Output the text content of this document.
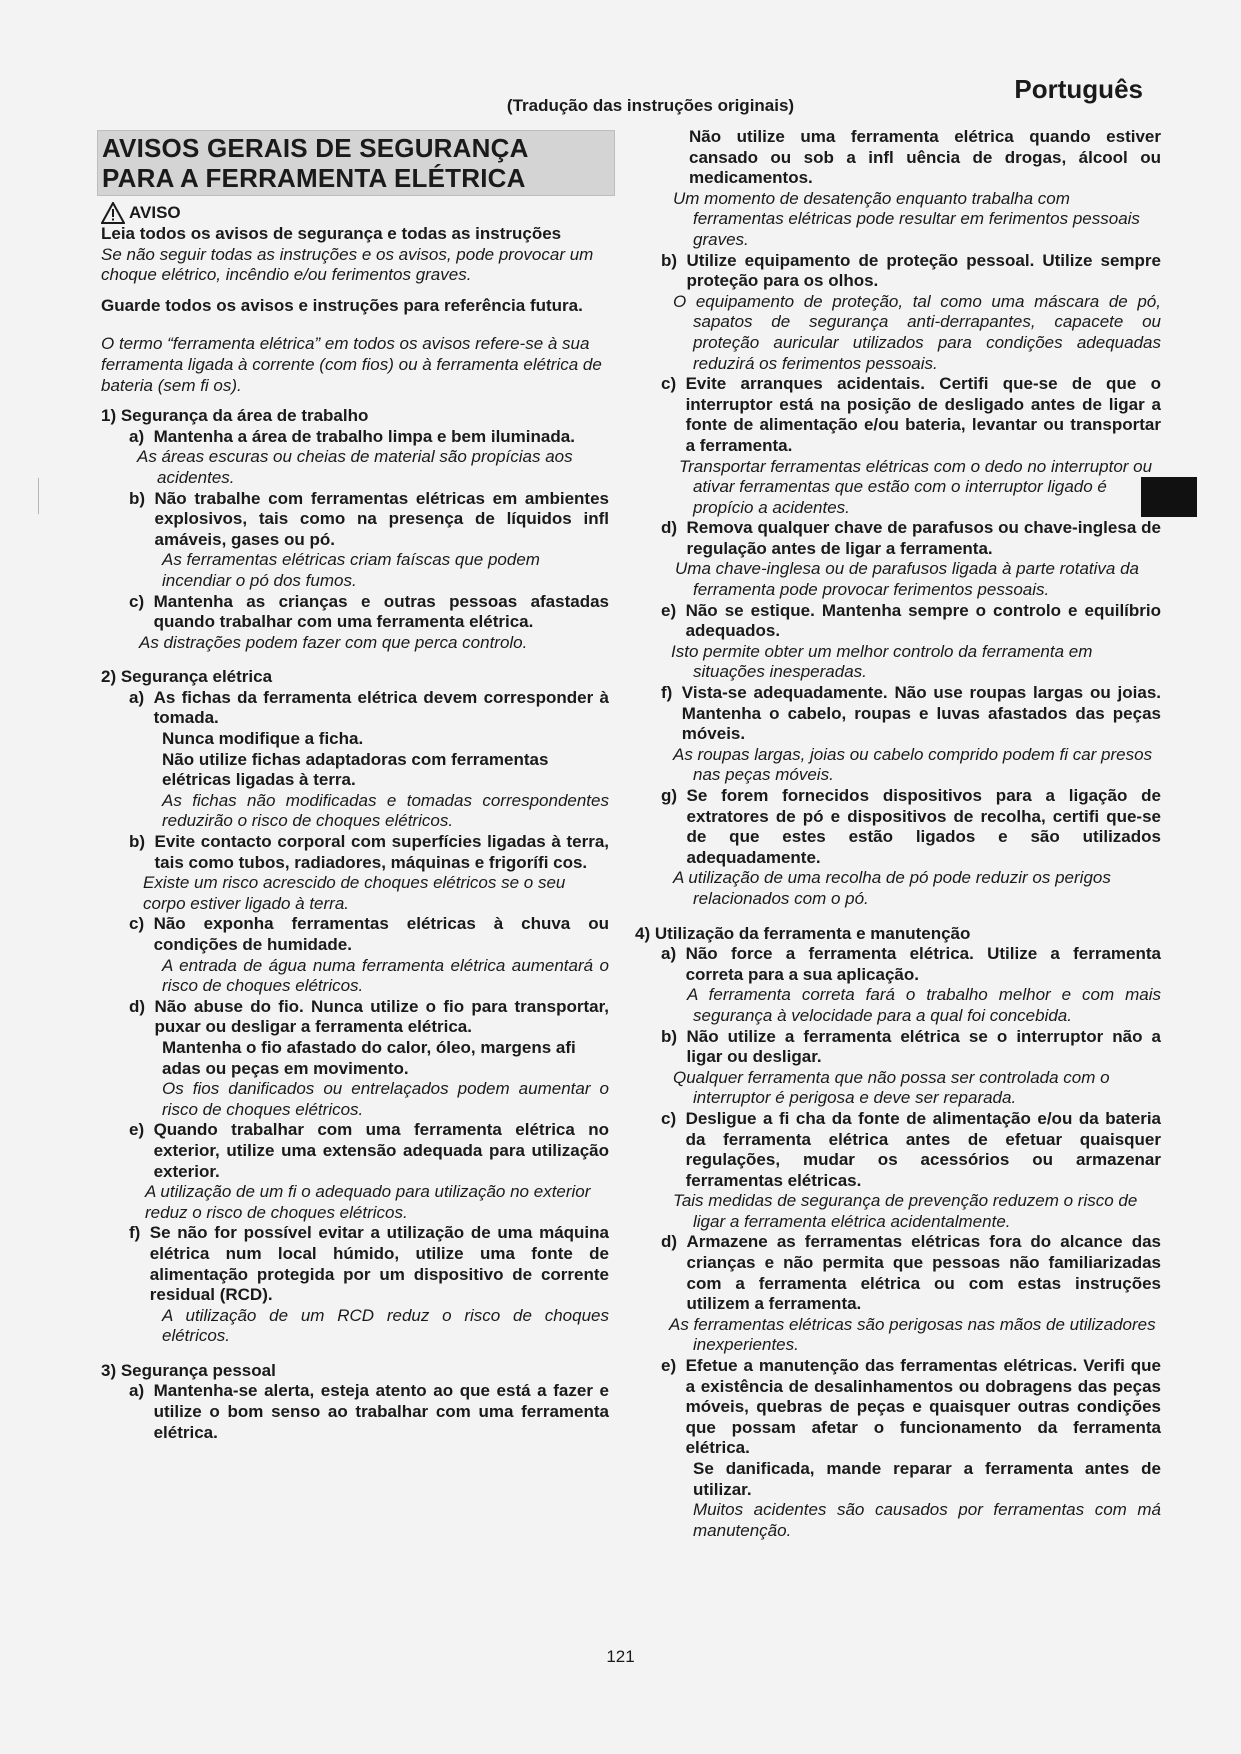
Português
(Tradução das instruções originais)
AVISOS GERAIS DE SEGURANÇA
PARA A FERRAMENTA ELÉTRICA
AVISO
Leia todos os avisos de segurança e todas as instruções
Se não seguir todas as instruções e os avisos, pode provocar um choque elétrico, incêndio e/ou ferimentos graves.
Guarde todos os avisos e instruções para referência futura.
O termo “ferramenta elétrica” em todos os avisos refere-se à sua ferramenta ligada à corrente (com fios) ou à ferramenta elétrica de bateria (sem fi os).
1) Segurança da área de trabalho
a)
Mantenha a área de trabalho limpa e bem iluminada.
As áreas escuras ou cheias de material são propícias aos acidentes.
b)
Não trabalhe com ferramentas elétricas em ambientes explosivos, tais como na presença de líquidos infl amáveis, gases ou pó.
As ferramentas elétricas criam faíscas que podem incendiar o pó dos fumos.
c)
Mantenha as crianças e outras pessoas afastadas quando trabalhar com uma ferramenta elétrica.
As distrações podem fazer com que perca controlo.
2) Segurança elétrica
a)
As fichas da ferramenta elétrica devem corresponder à tomada.
Nunca modifique a ficha.
Não utilize fichas adaptadoras com ferramentas elétricas ligadas à terra.
As fichas não modificadas e tomadas correspondentes reduzirão o risco de choques elétricos.
b)
Evite contacto corporal com superfícies ligadas à terra, tais como tubos, radiadores, máquinas e frigorífi cos.
Existe um risco acrescido de choques elétricos se o seu corpo estiver ligado à terra.
c)
Não exponha ferramentas elétricas à chuva ou condições de humidade.
A entrada de água numa ferramenta elétrica aumentará o risco de choques elétricos.
d)
Não abuse do fio. Nunca utilize o fio para transportar, puxar ou desligar a ferramenta elétrica.
Mantenha o fio afastado do calor, óleo, margens afi adas ou peças em movimento.
Os fios danificados ou entrelaçados podem aumentar o risco de choques elétricos.
e)
Quando trabalhar com uma ferramenta elétrica no exterior, utilize uma extensão adequada para utilização exterior.
A utilização de um fi o adequado para utilização no exterior reduz o risco de choques elétricos.
f)
Se não for possível evitar a utilização de uma máquina elétrica num local húmido, utilize uma fonte de alimentação protegida por um dispositivo de corrente residual (RCD).
A utilização de um RCD reduz o risco de choques elétricos.
3) Segurança pessoal
a)
Mantenha-se alerta, esteja atento ao que está a fazer e utilize o bom senso ao trabalhar com uma ferramenta elétrica.
Não utilize uma ferramenta elétrica quando estiver cansado ou sob a infl uência de drogas, álcool ou medicamentos.
Um momento de desatenção enquanto trabalha com ferramentas elétricas pode resultar em ferimentos pessoais graves.
b)
Utilize equipamento de proteção pessoal. Utilize sempre proteção para os olhos.
O equipamento de proteção, tal como uma máscara de pó, sapatos de segurança anti-derrapantes, capacete ou proteção auricular utilizados para condições adequadas reduzirá os ferimentos pessoais.
c)
Evite arranques acidentais. Certifi que-se de que o interruptor está na posição de desligado antes de ligar a fonte de alimentação e/ou bateria, levantar ou transportar a ferramenta.
Transportar ferramentas elétricas com o dedo no interruptor ou ativar ferramentas que estão com o interruptor ligado é propício a acidentes.
d)
Remova qualquer chave de parafusos ou chave-inglesa de regulação antes de ligar a ferramenta.
Uma chave-inglesa ou de parafusos ligada à parte rotativa da ferramenta pode provocar ferimentos pessoais.
e)
Não se estique. Mantenha sempre o controlo e equilíbrio adequados.
Isto permite obter um melhor controlo da ferramenta em situações inesperadas.
f)
Vista-se adequadamente. Não use roupas largas ou joias. Mantenha o cabelo, roupas e luvas afastados das peças móveis.
As roupas largas, joias ou cabelo comprido podem fi car presos nas peças móveis.
g)
Se forem fornecidos dispositivos para a ligação de extratores de pó e dispositivos de recolha, certifi que-se de que estes estão ligados e são utilizados adequadamente.
A utilização de uma recolha de pó pode reduzir os perigos relacionados com o pó.
4) Utilização da ferramenta e manutenção
a)
Não force a ferramenta elétrica. Utilize a ferramenta correta para a sua aplicação.
A ferramenta correta fará o trabalho melhor e com mais segurança à velocidade para a qual foi concebida.
b)
Não utilize a ferramenta elétrica se o interruptor não a ligar ou desligar.
Qualquer ferramenta que não possa ser controlada com o interruptor é perigosa e deve ser reparada.
c)
Desligue a fi cha da fonte de alimentação e/ou da bateria da ferramenta elétrica antes de efetuar quaisquer regulações, mudar os acessórios ou armazenar ferramentas elétricas.
Tais medidas de segurança de prevenção reduzem o risco de ligar a ferramenta elétrica acidentalmente.
d)
Armazene as ferramentas elétricas fora do alcance das crianças e não permita que pessoas não familiarizadas com a ferramenta elétrica ou com estas instruções utilizem a ferramenta.
As ferramentas elétricas são perigosas nas mãos de utilizadores inexperientes.
e)
Efetue a manutenção das ferramentas elétricas. Verifi que a existência de desalinhamentos ou dobragens das peças móveis, quebras de peças e quaisquer outras condições que possam afetar o funcionamento da ferramenta elétrica.
Se danificada, mande reparar a ferramenta antes de utilizar.
Muitos acidentes são causados por ferramentas com má manutenção.
121
